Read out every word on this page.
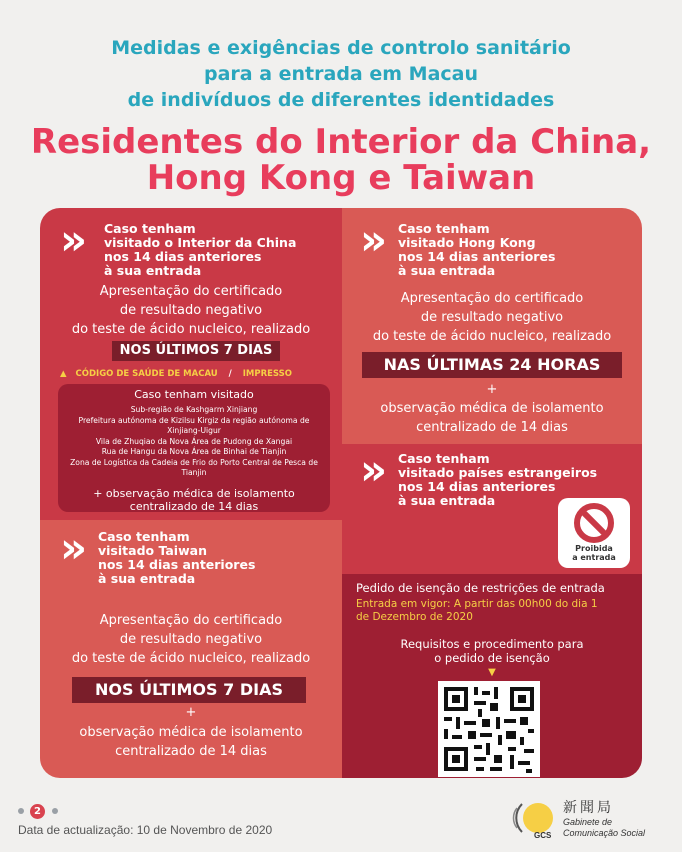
Medidas e exigências de controlo sanitário
para a entrada em Macau
de indivíduos de diferentes identidades
Residentes do Interior da China,
Hong Kong e Taiwan
» Caso tenham
visitado o Interior da China
nos 14 dias anteriores
à sua entrada
Apresentação do certificado
de resultado negativo
do teste de ácido nucleico, realizado
NOS ÚLTIMOS 7 DIAS
▲ CÓDIGO DE SAÚDE DE MACAU / IMPRESSO
Caso tenham visitado
Sub-região de Kashgarm Xinjiang
Prefeitura autónoma de Kizilsu Kirgiz da região autónoma de Xinjiang-Uigur
Vila de Zhuqiao da Nova Área de Pudong de Xangai
Rua de Hangu da Nova Área de Binhai de Tianjin
Zona de Logística da Cadeia de Frio do Porto Central de Pesca de Tianjin
+ observação médica de isolamento
centralizado de 14 dias
» Caso tenham
visitado Hong Kong
nos 14 dias anteriores
à sua entrada
Apresentação do certificado
de resultado negativo
do teste de ácido nucleico, realizado
NAS ÚLTIMAS 24 HORAS
+
observação médica de isolamento
centralizado de 14 dias
» Caso tenham
visitado países estrangeiros
nos 14 dias anteriores
à sua entrada
Proibida
a entrada
» Caso tenham
visitado Taiwan
nos 14 dias anteriores
à sua entrada
Apresentação do certificado
de resultado negativo
do teste de ácido nucleico, realizado
NOS ÚLTIMOS 7 DIAS
+
observação médica de isolamento
centralizado de 14 dias
Pedido de isenção de restrições de entrada
Entrada em vigor: A partir das 00h00 do dia 1
de Dezembro de 2020
Requisitos e procedimento para
o pedido de isenção
▼
2
Data de actualização: 10 de Novembro de 2020	GCS
新聞局
Gabinete de
Comunicação Social
